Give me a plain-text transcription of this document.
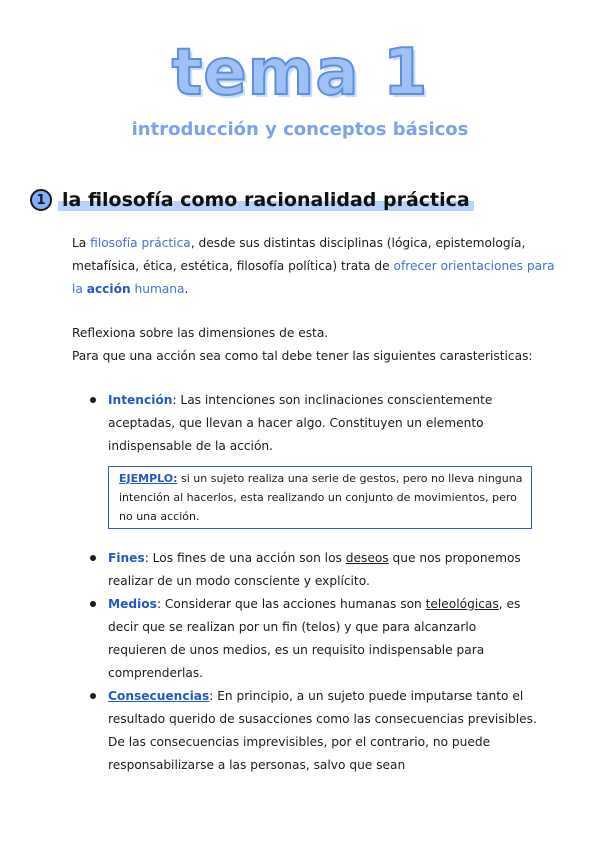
tema 1
introducción y conceptos básicos
1 la filosofía como racionalidad práctica
La filosofía práctica, desde sus distintas disciplinas (lógica, epistemología, metafísica, ética, estética, filosofía política) trata de ofrecer orientaciones para la acción humana.
Reflexiona sobre las dimensiones de esta.
Para que una acción sea como tal debe tener las siguientes carasteristicas:
Intención: Las intenciones son inclinaciones conscientemente aceptadas, que llevan a hacer algo. Constituyen un elemento indispensable de la acción.
EJEMPLO: si un sujeto realiza una serie de gestos, pero no lleva ninguna intención al hacerlos, esta realizando un conjunto de movimientos, pero no una acción.
Fines: Los fines de una acción son los deseos que nos proponemos realizar de un modo consciente y explícito.
Medios: Considerar que las acciones humanas son teleológicas, es decir que se realizan por un fin (telos) y que para alcanzarlo requieren de unos medios, es un requisito indispensable para comprenderlas.
Consecuencias: En principio, a un sujeto puede imputarse tanto el resultado querido de susacciones como las consecuencias previsibles. De las consecuencias imprevisibles, por el contrario, no puede responsabilizarse a las personas, salvo que sean
